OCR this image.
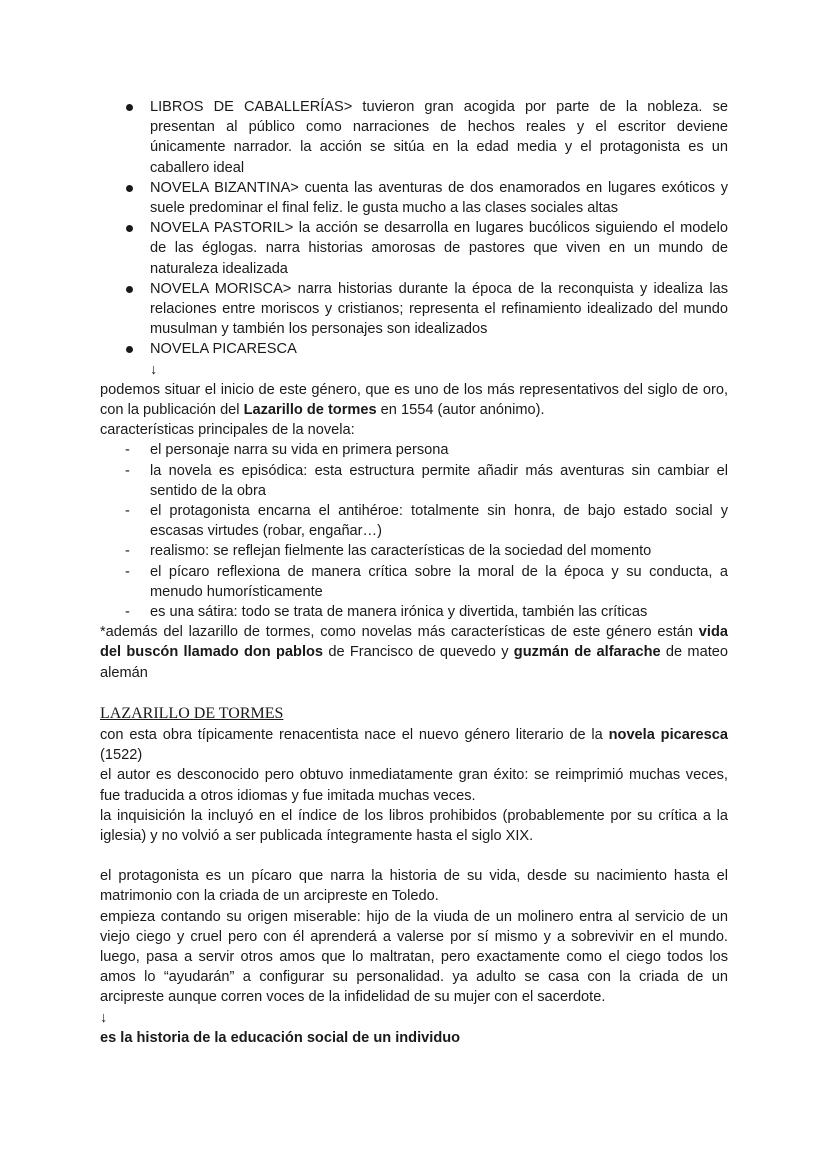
LIBROS DE CABALLERÍAS> tuvieron gran acogida por parte de la nobleza. se presentan al público como narraciones de hechos reales y el escritor deviene únicamente narrador. la acción se sitúa en la edad media y el protagonista es un caballero ideal
NOVELA BIZANTINA> cuenta las aventuras de dos enamorados en lugares exóticos y suele predominar el final feliz. le gusta mucho a las clases sociales altas
NOVELA PASTORIL> la acción se desarrolla en lugares bucólicos siguiendo el modelo de las églogas. narra historias amorosas de pastores que viven en un mundo de naturaleza idealizada
NOVELA MORISCA> narra historias durante la época de la reconquista y idealiza las relaciones entre moriscos y cristianos; representa el refinamiento idealizado del mundo musulman y también los personajes son idealizados
NOVELA PICARESCA
↓

podemos situar el inicio de este género, que es uno de los más representativos del siglo de oro, con la publicación del Lazarillo de tormes en 1554 (autor anónimo).

características principales de la novela:

- el personaje narra su vida en primera persona
- la novela es episódica: esta estructura permite añadir más aventuras sin cambiar el sentido de la obra
- el protagonista encarna el antihéroe: totalmente sin honra, de bajo estado social y escasas virtudes (robar, engañar…)
- realismo: se reflejan fielmente las características de la sociedad del momento
- el pícaro reflexiona de manera crítica sobre la moral de la época y su conducta, a menudo humorísticamente
- es una sátira: todo se trata de manera irónica y divertida, también las críticas

*además del lazarillo de tormes, como novelas más características de este género están vida del buscón llamado don pablos de Francisco de quevedo y guzmán de alfarache de mateo alemán

LAZARILLO DE TORMES

con esta obra típicamente renacentista nace el nuevo género literario de la novela picaresca (1522)

el autor es desconocido pero obtuvo inmediatamente gran éxito: se reimprimió muchas veces, fue traducida a otros idiomas y fue imitada muchas veces.

la inquisición la incluyó en el índice de los libros prohibidos (probablemente por su crítica a la iglesia) y no volvió a ser publicada íntegramente hasta el siglo XIX.

el protagonista es un pícaro que narra la historia de su vida, desde su nacimiento hasta el matrimonio con la criada de un arcipreste en Toledo.

empieza contando su origen miserable: hijo de la viuda de un molinero entra al servicio de un viejo ciego y cruel pero con él aprenderá a valerse por sí mismo y a sobrevivir en el mundo. luego, pasa a servir otros amos que lo maltratan, pero exactamente como el ciego todos los amos lo “ayudarán” a configurar su personalidad. ya adulto se casa con la criada de un arcipreste aunque corren voces de la infidelidad de su mujer con el sacerdote.

↓

es la historia de la educación social de un individuo
